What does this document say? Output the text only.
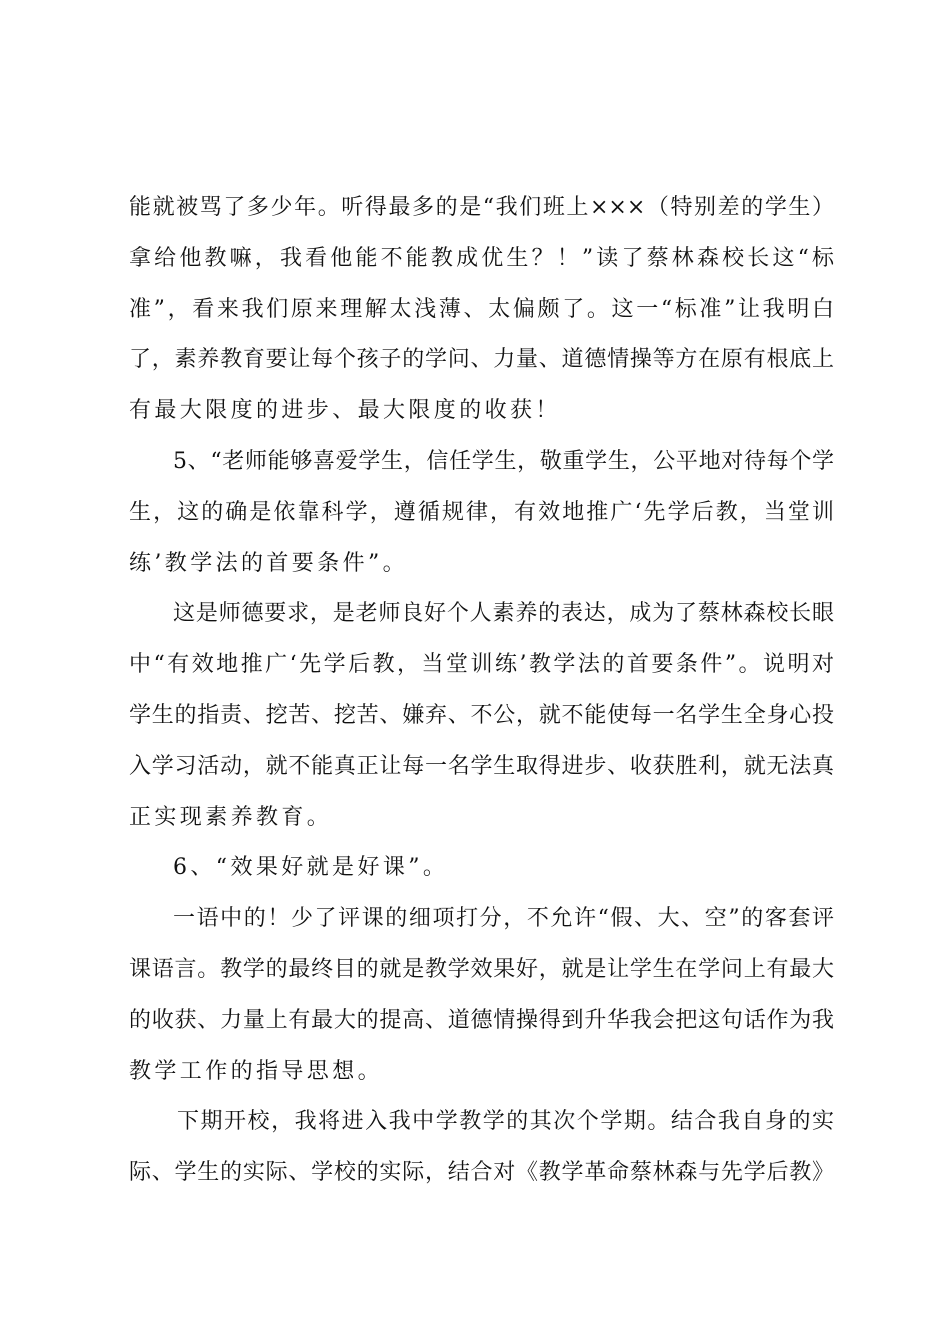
能就被骂了多少年。听得最多的是“我们班上×××（特别差的学生）
拿给他教嘛，我看他能不能教成优生？！”读了蔡林森校长这“标
准”，看来我们原来理解太浅薄、太偏颇了。这一“标准”让我明白
了，素养教育要让每个孩子的学问、力量、道德情操等方在原有根底上
有最大限度的进步、最大限度的收获！
5、“老师能够喜爱学生，信任学生，敬重学生，公平地对待每个学
生，这的确是依靠科学，遵循规律，有效地推广‘先学后教，当堂训
练’教学法的首要条件”。
这是师德要求，是老师良好个人素养的表达，成为了蔡林森校长眼
中“有效地推广‘先学后教，当堂训练’教学法的首要条件”。说明对
学生的指责、挖苦、挖苦、嫌弃、不公，就不能使每一名学生全身心投
入学习活动，就不能真正让每一名学生取得进步、收获胜利，就无法真
正实现素养教育。
6、“效果好就是好课”。
一语中的！少了评课的细项打分，不允许“假、大、空”的客套评
课语言。教学的最终目的就是教学效果好，就是让学生在学问上有最大
的收获、力量上有最大的提高、道德情操得到升华我会把这句话作为我
教学工作的指导思想。
下期开校，我将进入我中学教学的其次个学期。结合我自身的实
际、学生的实际、学校的实际，结合对《教学革命蔡林森与先学后教》
